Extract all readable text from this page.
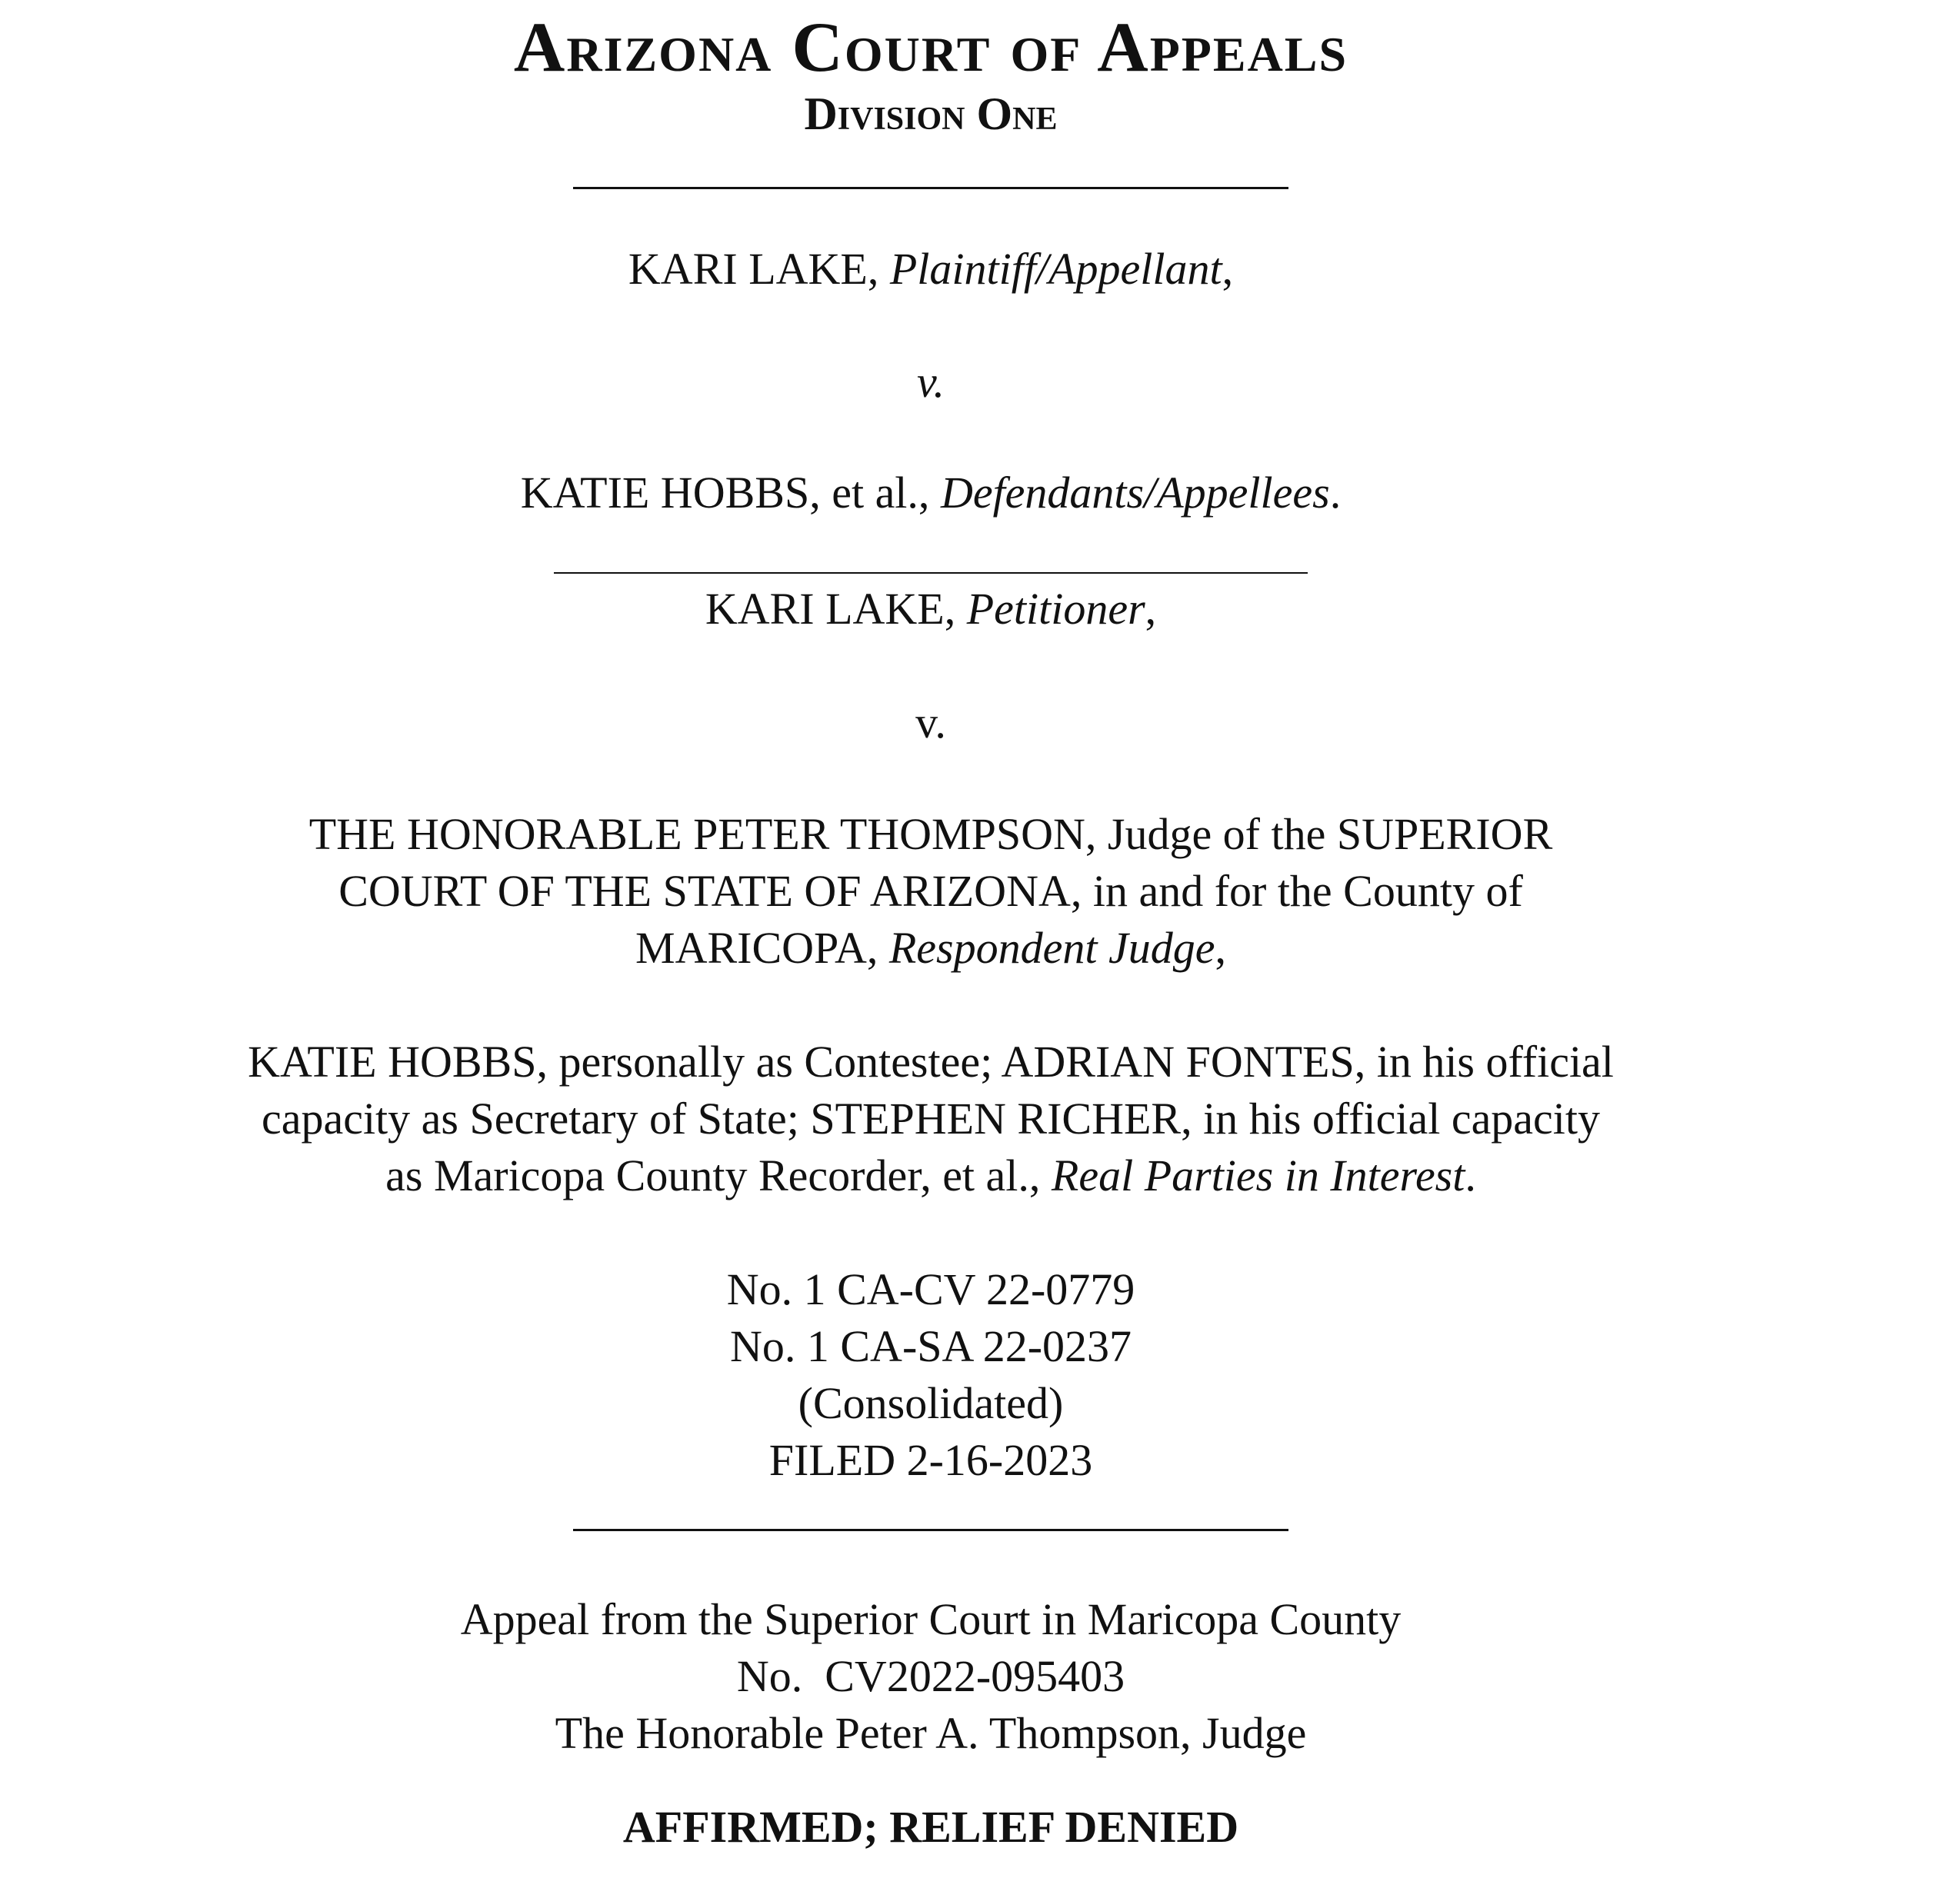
Arizona Court of Appeals
Division One
KARI LAKE, Plaintiff/Appellant,
v.
KATIE HOBBS, et al., Defendants/Appellees.
KARI LAKE, Petitioner,
v.
THE HONORABLE PETER THOMPSON, Judge of the SUPERIOR
COURT OF THE STATE OF ARIZONA, in and for the County of
MARICOPA, Respondent Judge,
KATIE HOBBS, personally as Contestee; ADRIAN FONTES, in his official
capacity as Secretary of State; STEPHEN RICHER, in his official capacity
as Maricopa County Recorder, et al., Real Parties in Interest.
No. 1 CA-CV 22-0779
No. 1 CA-SA 22-0237
(Consolidated)
FILED 2-16-2023
Appeal from the Superior Court in Maricopa County
No.  CV2022-095403
The Honorable Peter A. Thompson, Judge
AFFIRMED; RELIEF DENIED
